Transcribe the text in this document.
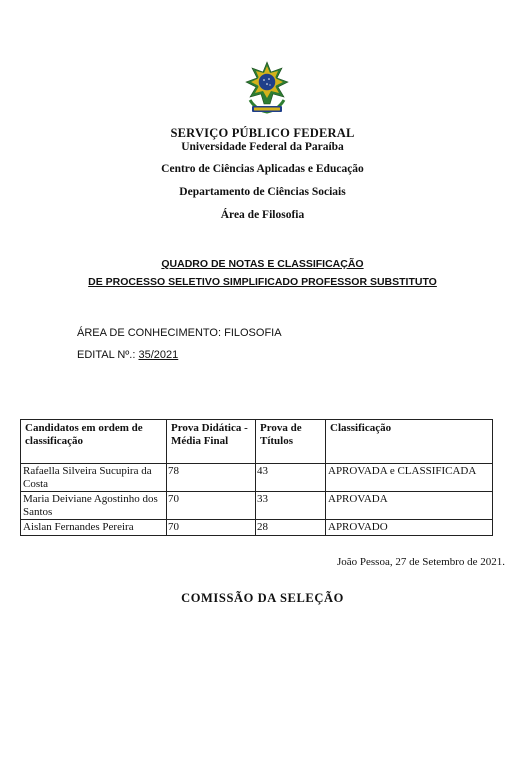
SERVIÇO PÚBLICO FEDERAL
Universidade Federal da Paraíba
Centro de Ciências Aplicadas e Educação
Departamento de Ciências Sociais
Área de Filosofia
QUADRO DE NOTAS E CLASSIFICAÇÃO
DE PROCESSO SELETIVO SIMPLIFICADO PROFESSOR SUBSTITUTO
ÁREA DE CONHECIMENTO: FILOSOFIA
EDITAL Nº.: 35/2021
Candidatos em ordem de classificação	Prova Didática - Média Final	Prova de Títulos	Classificação
Rafaella Silveira Sucupira da Costa	78	43	APROVADA e CLASSIFICADA
Maria Deiviane Agostinho dos Santos	70	33	APROVADA
Aislan Fernandes Pereira	70	28	APROVADO
João Pessoa, 27 de Setembro de 2021.
COMISSÃO DA SELEÇÃO
